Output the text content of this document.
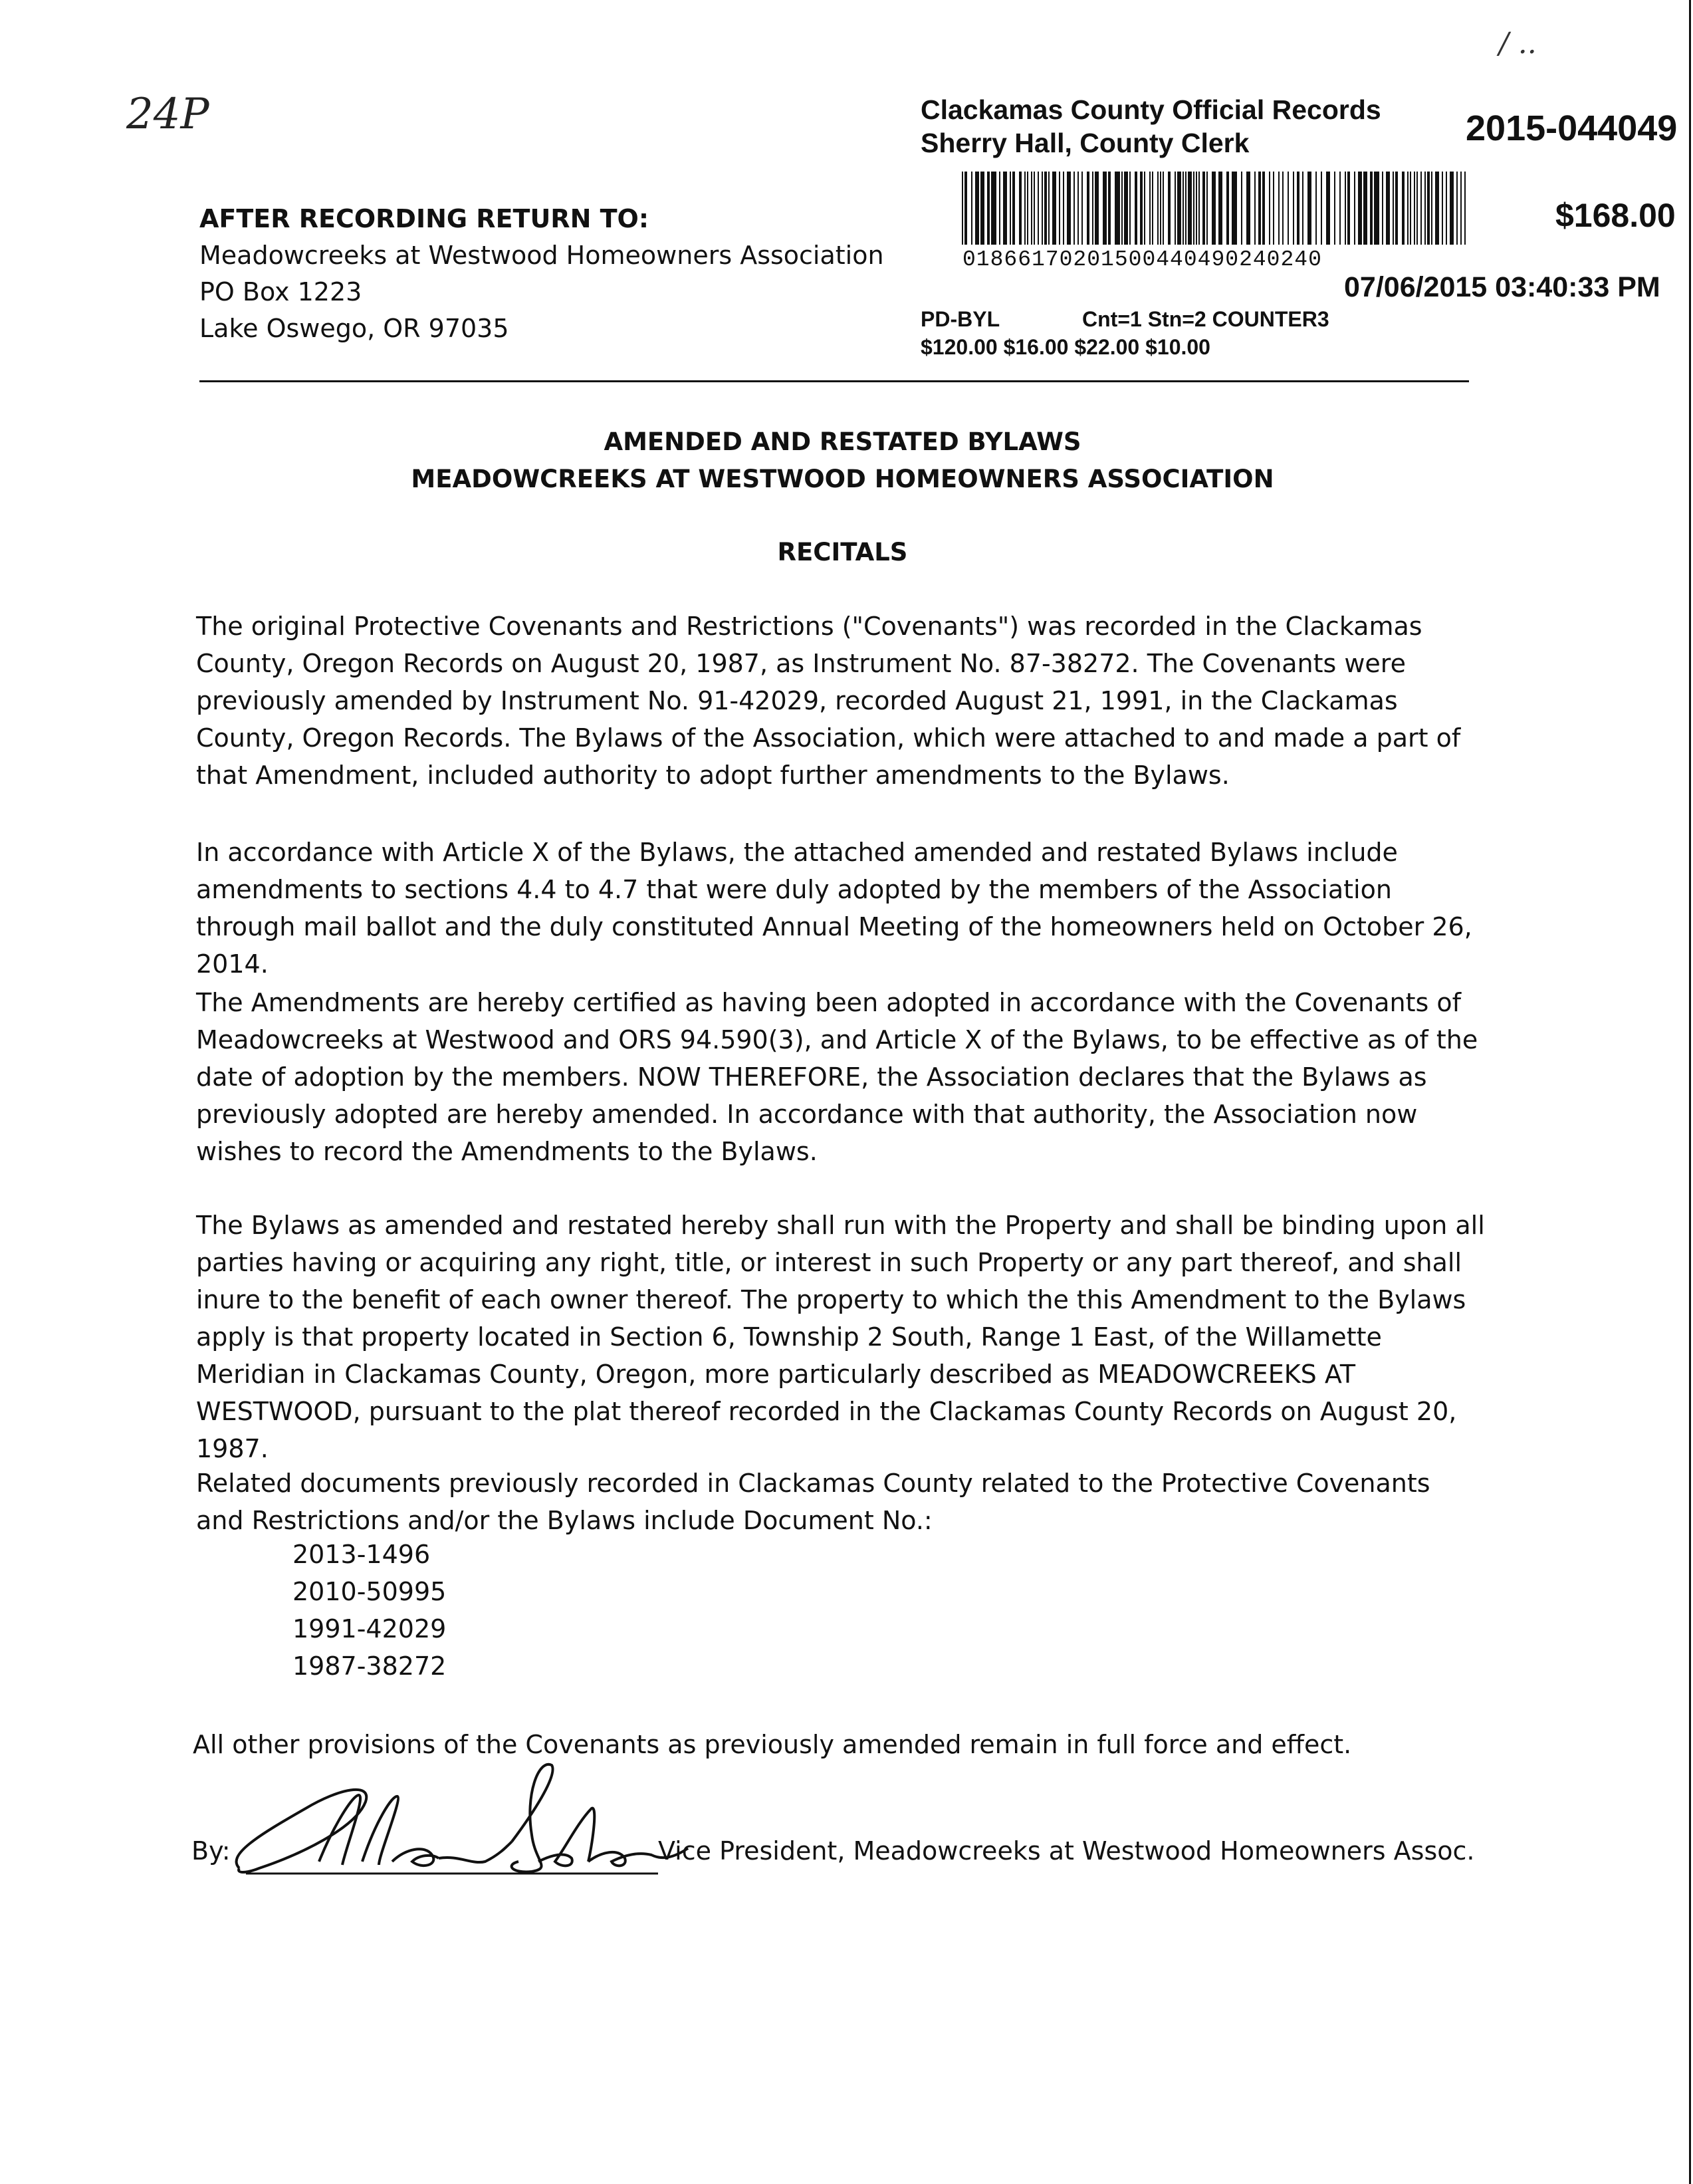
24P
/ ..
Clackamas County Official Records
Sherry Hall, County Clerk	2015-044049
01866170201500440490240240
$168.00
07/06/2015 03:40:33 PM
PD-BYL	Cnt=1 Stn=2 COUNTER3
$120.00 $16.00 $22.00 $10.00
AFTER RECORDING RETURN TO:
Meadowcreeks at Westwood Homeowners Association
PO Box 1223
Lake Oswego, OR 97035
AMENDED AND RESTATED BYLAWS
MEADOWCREEKS AT WESTWOOD HOMEOWNERS ASSOCIATION
RECITALS
The original Protective Covenants and Restrictions ("Covenants") was recorded in the Clackamas County, Oregon Records on August 20, 1987, as Instrument No. 87-38272. The Covenants were previously amended by Instrument No. 91-42029, recorded August 21, 1991, in the Clackamas County, Oregon Records. The Bylaws of the Association, which were attached to and made a part of that Amendment, included authority to adopt further amendments to the Bylaws.
In accordance with Article X of the Bylaws, the attached amended and restated Bylaws include amendments to sections 4.4 to 4.7 that were duly adopted by the members of the Association through mail ballot and the duly constituted Annual Meeting of the homeowners held on October 26, 2014.
The Amendments are hereby certified as having been adopted in accordance with the Covenants of Meadowcreeks at Westwood and ORS 94.590(3), and Article X of the Bylaws, to be effective as of the date of adoption by the members. NOW THEREFORE, the Association declares that the Bylaws as previously adopted are hereby amended. In accordance with that authority, the Association now wishes to record the Amendments to the Bylaws.
The Bylaws as amended and restated hereby shall run with the Property and shall be binding upon all parties having or acquiring any right, title, or interest in such Property or any part thereof, and shall inure to the benefit of each owner thereof. The property to which the this Amendment to the Bylaws apply is that property located in Section 6, Township 2 South, Range 1 East, of the Willamette Meridian in Clackamas County, Oregon, more particularly described as MEADOWCREEKS AT WESTWOOD, pursuant to the plat thereof recorded in the Clackamas County Records on August 20, 1987.
Related documents previously recorded in Clackamas County related to the Protective Covenants and Restrictions and/or the Bylaws include Document No.:
2013-1496
2010-50995
1991-42029
1987-38272
All other provisions of the Covenants as previously amended remain in full force and effect.
By:	Vice President, Meadowcreeks at Westwood Homeowners Assoc.
